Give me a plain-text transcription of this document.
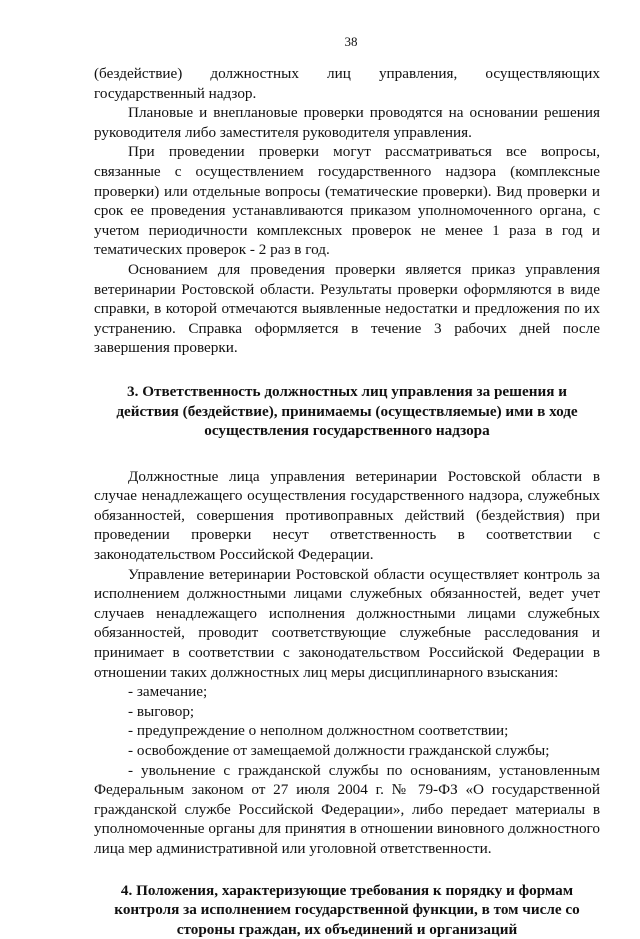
38

(бездействие) должностных лиц управления, осуществляющих государственный надзор.

Плановые и внеплановые проверки проводятся на основании решения руководителя либо заместителя руководителя управления.

При проведении проверки могут рассматриваться все вопросы, связанные с осуществлением государственного надзора (комплексные проверки) или отдельные вопросы (тематические проверки). Вид проверки и срок ее проведения устанавливаются приказом уполномоченного органа, с учетом периодичности комплексных проверок не менее 1 раза в год и тематических проверок - 2 раз в год.

Основанием для проведения проверки является приказ управления ветеринарии Ростовской области. Результаты проверки оформляются в виде справки, в которой отмечаются выявленные недостатки и предложения по их устранению. Справка оформляется в течение 3 рабочих дней после завершения проверки.

3. Ответственность должностных лиц управления за решения и действия (бездействие), принимаемы (осуществляемые) ими в ходе осуществления государственного надзора

Должностные лица управления ветеринарии Ростовской области в случае ненадлежащего осуществления государственного надзора, служебных обязанностей, совершения противоправных действий (бездействия) при проведении проверки несут ответственность в соответствии с законодательством Российской Федерации.

Управление ветеринарии Ростовской области осуществляет контроль за исполнением должностными лицами служебных обязанностей, ведет учет случаев ненадлежащего исполнения должностными лицами служебных обязанностей, проводит соответствующие служебные расследования и принимает в соответствии с законодательством Российской Федерации в отношении таких должностных лиц меры дисциплинарного взыскания:

- замечание;
- выговор;
- предупреждение о неполном должностном соответствии;
- освобождение от замещаемой должности гражданской службы;
- увольнение с гражданской службы по основаниям, установленным Федеральным законом от 27 июля 2004 г. № 79-ФЗ «О государственной гражданской службе Российской Федерации», либо передает материалы в уполномоченные органы для принятия в отношении виновного должностного лица мер административной или уголовной ответственности.
4. Положения, характеризующие требования к порядку и формам контроля за исполнением государственной функции, в том числе со стороны граждан, их объединений и организаций
